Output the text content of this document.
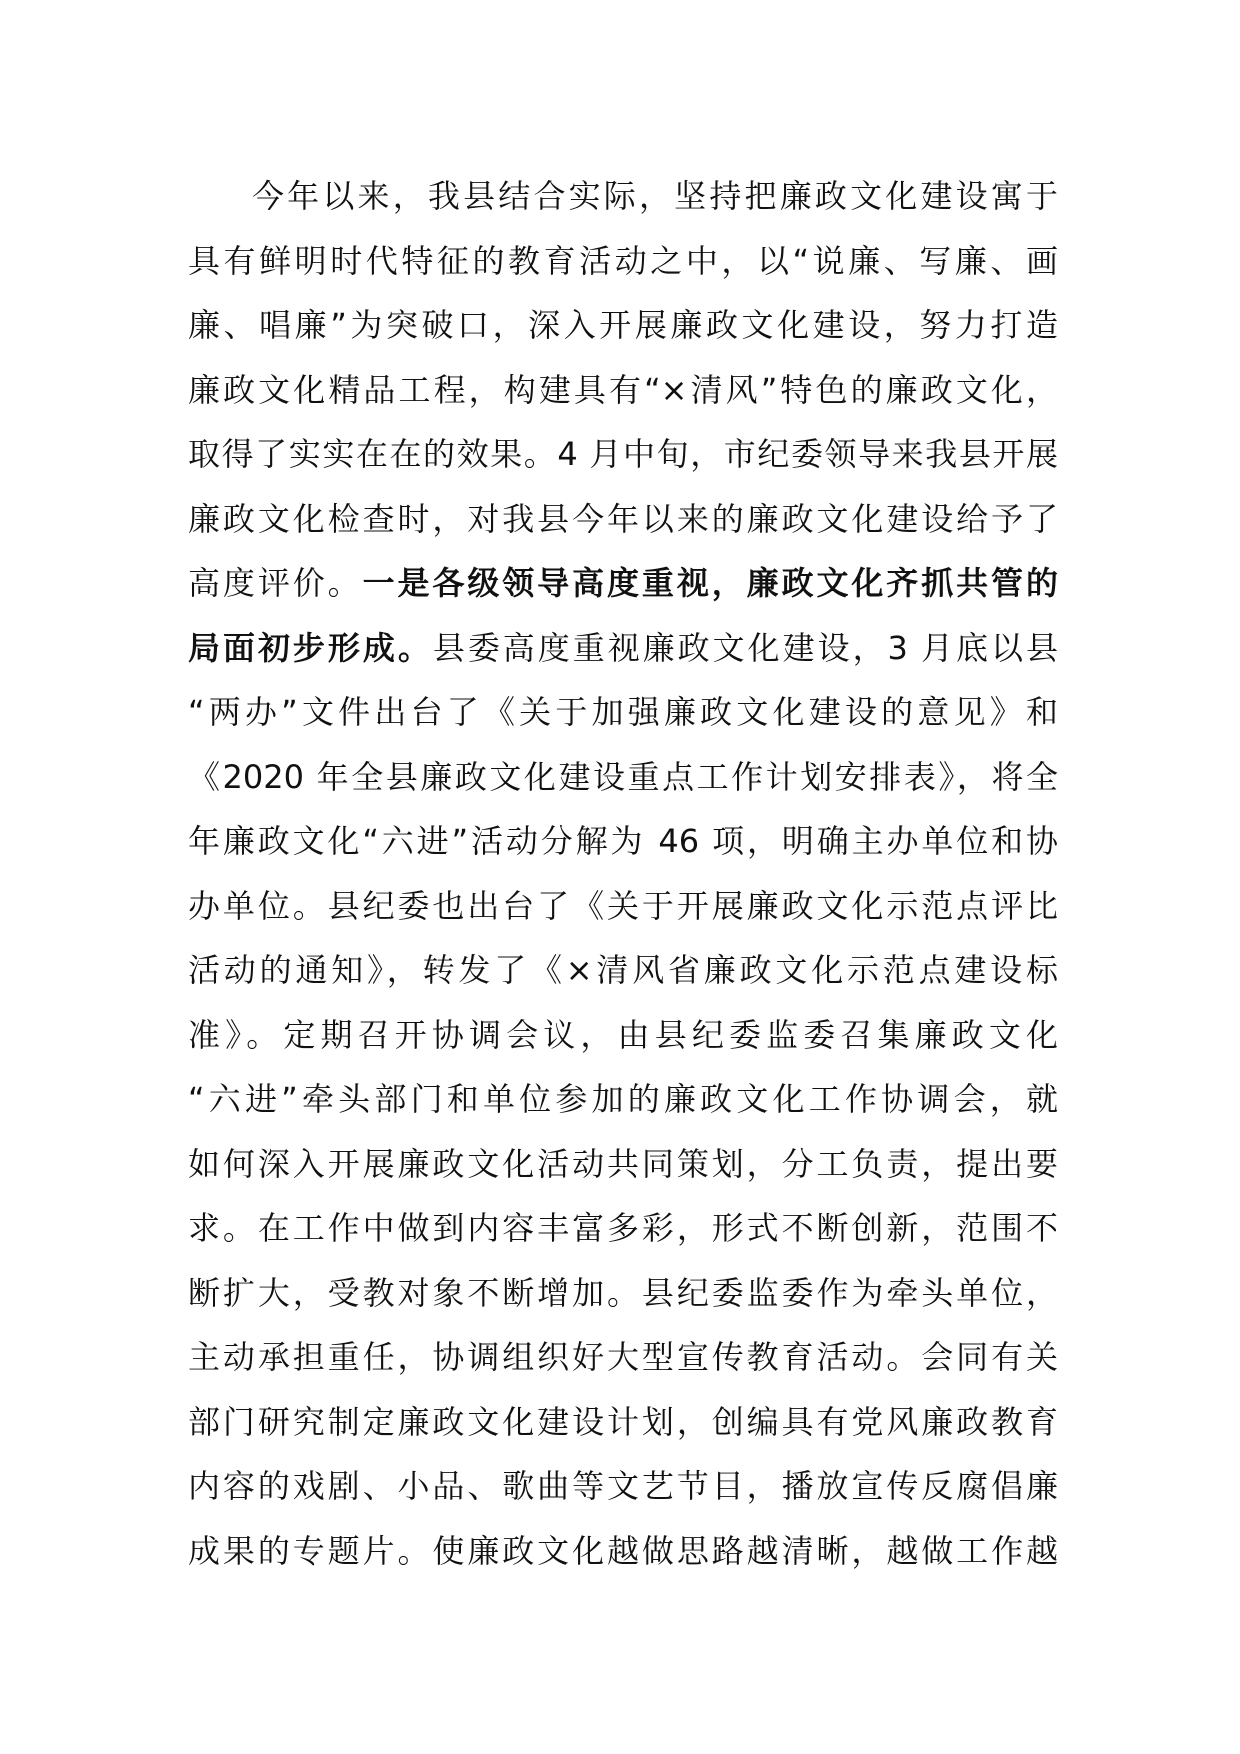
今年以来，我县结合实际，坚持把廉政文化建设寓于
具有鲜明时代特征的教育活动之中，以“说廉、写廉、画
廉、唱廉”为突破口，深入开展廉政文化建设，努力打造
廉政文化精品工程，构建具有“×清风”特色的廉政文化，
取得了实实在在的效果。4 月中旬，市纪委领导来我县开展
廉政文化检查时，对我县今年以来的廉政文化建设给予了
高度评价。一是各级领导高度重视，廉政文化齐抓共管的
局面初步形成。县委高度重视廉政文化建设，3 月底以县
“两办”文件出台了《关于加强廉政文化建设的意见》和
《2020 年全县廉政文化建设重点工作计划安排表》，将全
年廉政文化“六进”活动分解为 46 项，明确主办单位和协
办单位。县纪委也出台了《关于开展廉政文化示范点评比
活动的通知》，转发了《×清风省廉政文化示范点建设标
准》。定期召开协调会议，由县纪委监委召集廉政文化
“六进”牵头部门和单位参加的廉政文化工作协调会，就
如何深入开展廉政文化活动共同策划，分工负责，提出要
求。在工作中做到内容丰富多彩，形式不断创新，范围不
断扩大，受教对象不断增加。县纪委监委作为牵头单位，
主动承担重任，协调组织好大型宣传教育活动。会同有关
部门研究制定廉政文化建设计划，创编具有党风廉政教育
内容的戏剧、小品、歌曲等文艺节目，播放宣传反腐倡廉
成果的专题片。使廉政文化越做思路越清晰，越做工作越
